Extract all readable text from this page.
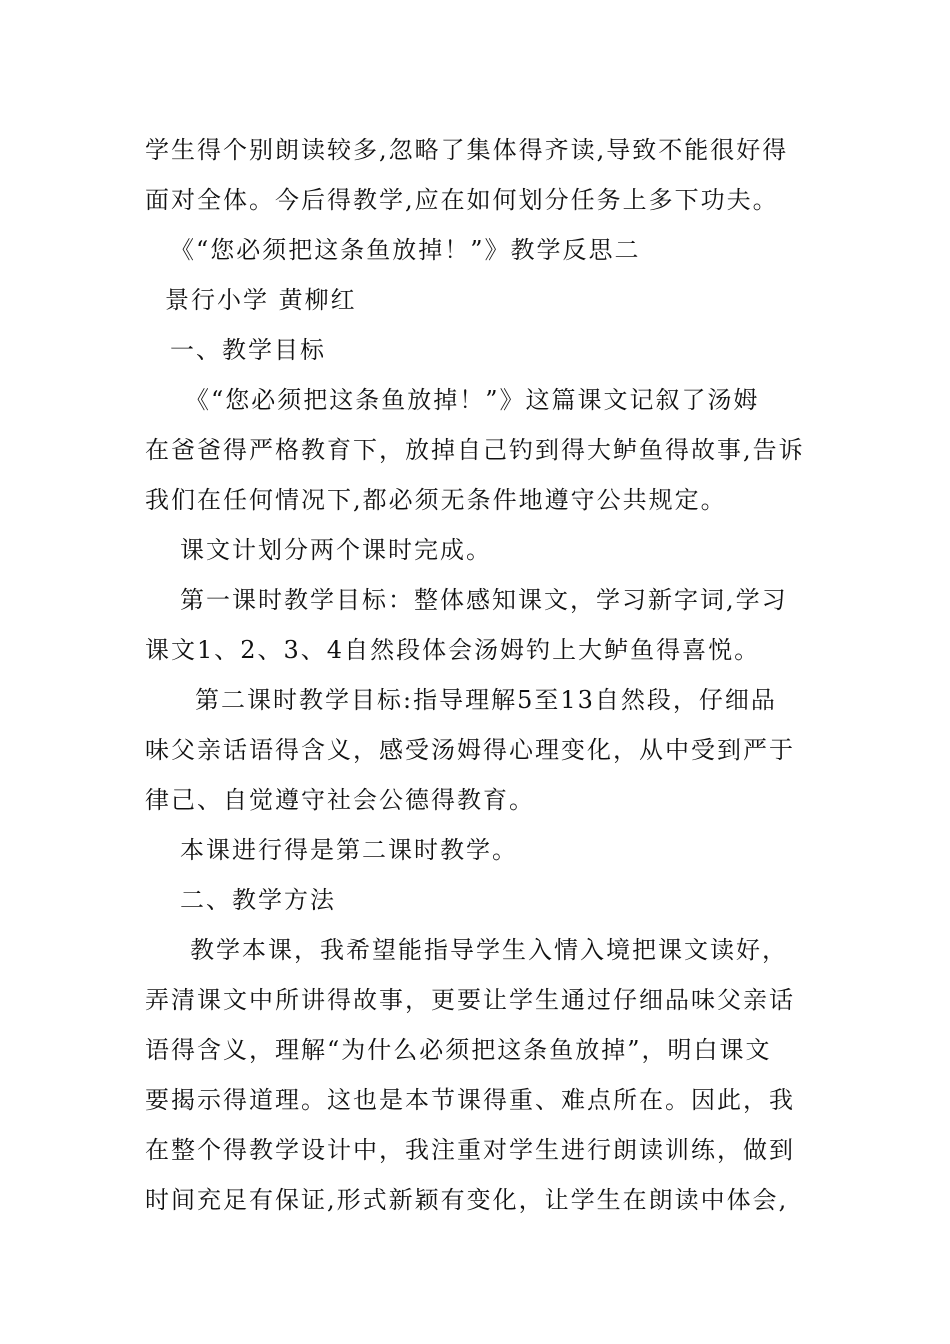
学生得个别朗读较多,忽略了集体得齐读,导致不能很好得
面对全体。今后得教学,应在如何划分任务上多下功夫。
《“您必须把这条鱼放掉！”》教学反思二
景行小学 黄柳红
一、教学目标
《“您必须把这条鱼放掉！”》这篇课文记叙了汤姆
在爸爸得严格教育下，放掉自己钓到得大鲈鱼得故事,告诉
我们在任何情况下,都必须无条件地遵守公共规定。
课文计划分两个课时完成。
第一课时教学目标：整体感知课文，学习新字词,学习
课文1、2、3、4自然段体会汤姆钓上大鲈鱼得喜悦。
第二课时教学目标:指导理解5至13自然段，仔细品
味父亲话语得含义，感受汤姆得心理变化，从中受到严于
律己、自觉遵守社会公德得教育。
本课进行得是第二课时教学。
二、教学方法
教学本课，我希望能指导学生入情入境把课文读好，
弄清课文中所讲得故事，更要让学生通过仔细品味父亲话
语得含义，理解“为什么必须把这条鱼放掉”，明白课文
要揭示得道理。这也是本节课得重、难点所在。因此，我
在整个得教学设计中，我注重对学生进行朗读训练，做到
时间充足有保证,形式新颖有变化，让学生在朗读中体会,
